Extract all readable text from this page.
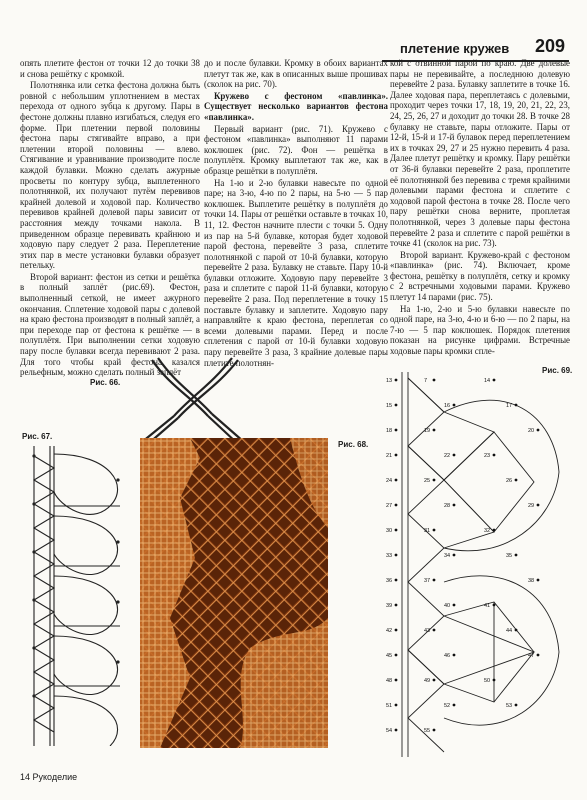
плетение кружев 209

опять плетите фестон от точки 12 до точки 38 и снова решётку с кромкой.

Полотнянка или сетка фестона должна быть ровной с небольшим уплотнением в местах перехода от одного зубца к другому. Пары в фестоне должны плавно изгибаться, следуя его форме. При плетении первой половины фестона пары стягивайте вправо, а при плетении второй половины — влево. Стягивание и уравнивание производите после каждой булавки. Можно сделать ажурные просветы по контуру зубца, выплетенного полотнянкой, их получают путём перевивов крайней долевой и ходовой пар. Количество перевивов крайней долевой пары зависит от расстояния между точками накола. В приведенном образце перевивать крайнюю и ходовую пару следует 2 раза. Переплетение этих пар в месте установки булавки образует петельку.

Второй вариант: фестон из сетки и решётка в полный заплёт (рис.69). Фестон, выполненный сеткой, не имеет ажурного окончания. Сплетение ходовой пары с долевой на краю фестона производят в полный заплёт, а при переходе пар от фестона к решётке — в полуплётя. При выполнении сетки ходовую пару после булавки всегда перевивают 2 раза. Для того чтобы край фестона казался рельефным, можно сделать полный заплёт

до и после булавки. Кромку в обоих вариантах плетут так же, как в описанных выше прошивах (сколок на рис. 70).

Кружево с фестоном «павлинка». Существует несколько вариантов фестона «павлинка».

Первый вариант (рис. 71). Кружево с фестоном «павлинка» выполняют 11 парами коклюшек (рис. 72). Фон — решётка в полуплётя. Кромку выплетают так же, как в образце решётки в полуплётя.

На 1-ю и 2-ю булавки навесьте по одной паре; на 3-ю, 4-ю по 2 пары, на 5-ю — 5 пар коклюшек. Выплетите решётку в полуплётя до точки 14. Пары от решётки оставьте в точках 10, 11, 12. Фестон начните плести с точки 5. Одну из пар на 5-й булавке, которая будет ходовой парой фестона, перевейте 3 раза, сплетите полотнянкой с парой от 10-й булавки, которую перевейте 2 раза. Булавку не ставьте. Пару 10-й булавки отложите. Ходовую пару перевейте 3 раза и сплетите с парой 11-й булавки, которую перевейте 2 раза. Под переплетение в точку 15 поставьте булавку и заплетите. Ходовую пару направляйте к краю фестона, переплетая со всеми долевыми парами. Перед и после сплетения с парой от 10-й булавки ходовую пару перевейте 3 раза, 3 крайние долевые пары плетите полотнян-

кой с отвинной парой по краю. Две долевые пары не перевивайте, а последнюю долевую перевейте 2 раза. Булавку заплетите в точке 16. Далее ходовая пара, переплетаясь с долевыми, проходит через точки 17, 18, 19, 20, 21, 22, 23, 24, 25, 26, 27 и доходит до точки 28. В точке 28 булавку не ставьте, пары отложите. Пары от 12-й, 15-й и 17-й булавок перед переплетением их в точках 29, 27 и 25 нужно перевить 4 раза. Далее плетут решётку и кромку. Пару решётки от 36-й булавки перевейте 2 раза, проплетите её полотнянкой без перевива с тремя крайними долевыми парами фестона и сплетите с ходовой парой фестона в точке 28. После чего пару решётки снова верните, проплетая полотнянкой, через 3 долевые пары фестона перевейте 2 раза и сплетите с парой решётки в точке 41 (сколок на рис. 73).

Второй вариант. Кружево-край с фестоном «павлинка» (рис. 74). Включает, кроме фестона, решётку в полуплётя, сетку и кромку с 2 встречными ходовыми парами. Кружево плетут 14 парами (рис. 75).

На 1-ю, 2-ю и 5-ю булавки навесьте по одной паре, на 3-ю, 4-ю и 6-ю — по 2 пары, на 7-ю — 5 пар коклюшек. Порядок плетения показан на рисунке цифрами. Встречные ходовые пары кромки спле-

Рис. 66.
Рис. 67.
Рис. 68.
Рис. 69.
13	7	14
15	16	17
18	19	20
21	22	23
24	25	26
27	28	29
30	31	32
33	34	35
36	37	38
39	40	41
42	43	44
45	46	47
48	49	50
51	52	53
54	55
14 Рукоделие
